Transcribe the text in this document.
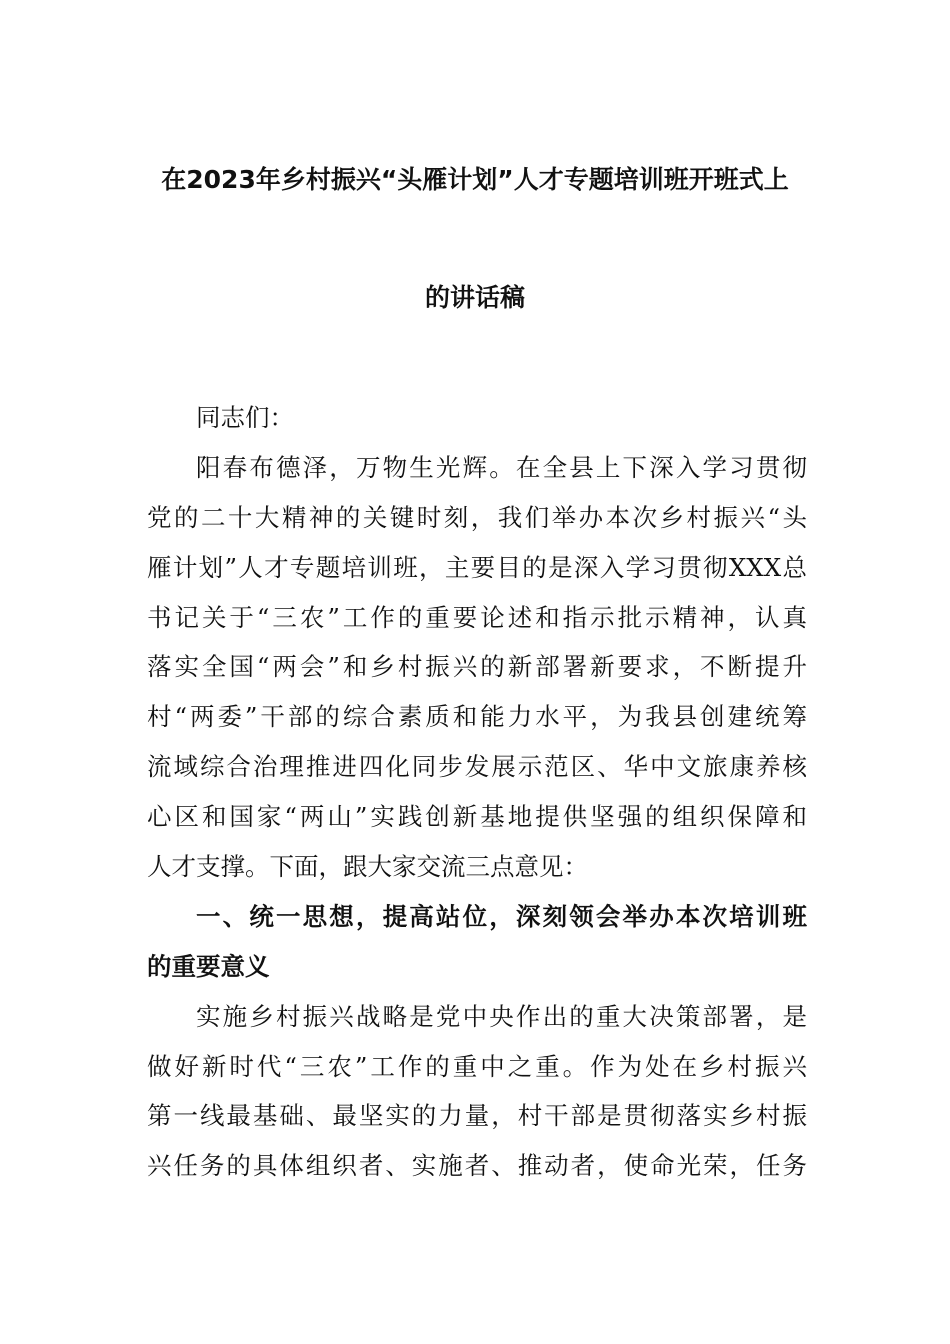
在2023年乡村振兴“头雁计划”人才专题培训班开班式上
的讲话稿
同志们：
阳春布德泽，万物生光辉。在全县上下深入学习贯彻
党的二十大精神的关键时刻，我们举办本次乡村振兴“头
雁计划”人才专题培训班，主要目的是深入学习贯彻XXX总
书记关于“三农”工作的重要论述和指示批示精神，认真
落实全国“两会”和乡村振兴的新部署新要求，不断提升
村“两委”干部的综合素质和能力水平，为我县创建统筹
流域综合治理推进四化同步发展示范区、华中文旅康养核
心区和国家“两山”实践创新基地提供坚强的组织保障和
人才支撑。下面，跟大家交流三点意见：
一、统一思想，提高站位，深刻领会举办本次培训班
的重要意义
实施乡村振兴战略是党中央作出的重大决策部署，是
做好新时代“三农”工作的重中之重。作为处在乡村振兴
第一线最基础、最坚实的力量，村干部是贯彻落实乡村振
兴任务的具体组织者、实施者、推动者，使命光荣，任务
